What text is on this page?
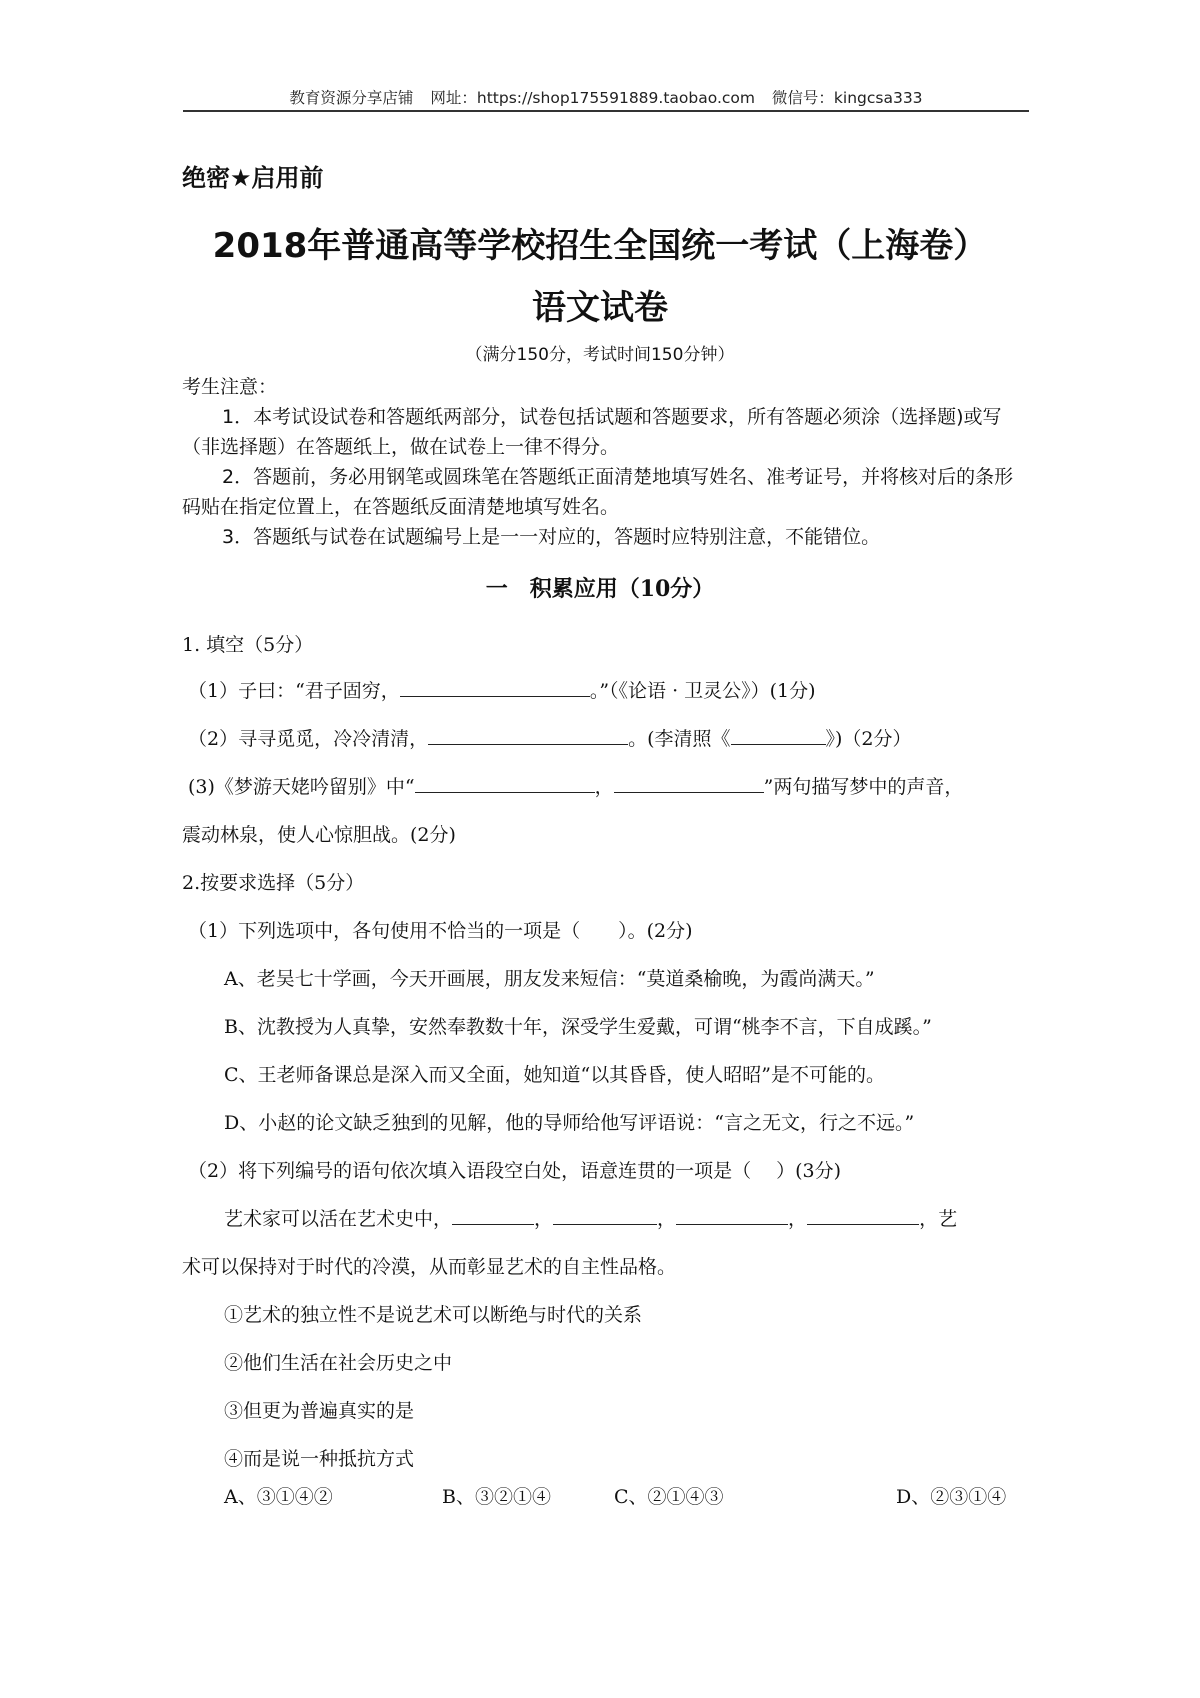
教育资源分享店铺 网址：https://shop175591889.taobao.com 微信号：kingcsa333
绝密★启用前
2018年普通高等学校招生全国统一考试（上海卷）
语文试卷
（满分150分，考试时间150分钟）
考生注意：
1．本考试设试卷和答题纸两部分，试卷包括试题和答题要求，所有答题必须涂（选择题)或写（非选择题）在答题纸上，做在试卷上一律不得分。
2．答题前，务必用钢笔或圆珠笔在答题纸正面清楚地填写姓名、准考证号，并将核对后的条形码贴在指定位置上，在答题纸反面清楚地填写姓名。
3．答题纸与试卷在试题编号上是一一对应的，答题时应特别注意，不能错位。
一　积累应用（10分）
1. 填空（5分）
（1）子曰：“君子固穷，	。”（《论语 · 卫灵公》）(1分)
（2）寻寻觅觅，冷冷清清，	。(李清照《	》)（2分）
(3)《梦游天姥吟留别》中“	，	”两句描写梦中的声音，
震动林泉，使人心惊胆战。(2分)
2.按要求选择（5分）
（1）下列选项中，各句使用不恰当的一项是（　　）。(2分)
A、老吴七十学画，今天开画展，朋友发来短信：“莫道桑榆晚，为霞尚满天。”
B、沈教授为人真挚，安然奉教数十年，深受学生爱戴，可谓“桃李不言，下自成蹊。”
C、王老师备课总是深入而又全面，她知道“以其昏昏，使人昭昭”是不可能的。
D、小赵的论文缺乏独到的见解，他的导师给他写评语说：“言之无文，行之不远。”
（2）将下列编号的语句依次填入语段空白处，语意连贯的一项是（　 ）(3分)
艺术家可以活在艺术史中，	，	，	，	，艺
术可以保持对于时代的冷漠，从而彰显艺术的自主性品格。
①艺术的独立性不是说艺术可以断绝与时代的关系
②他们生活在社会历史之中
③但更为普遍真实的是
④而是说一种抵抗方式
A、③①④②	B、③②①④	C、②①④③	D、②③①④
